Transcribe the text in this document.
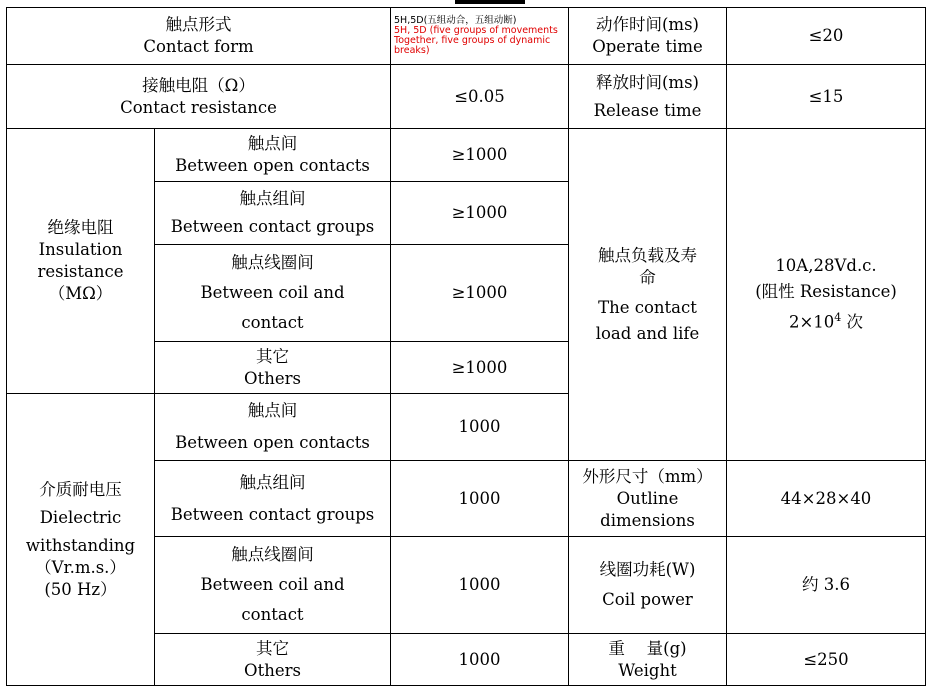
触点形式
Contact form		5H,5D(五组动合，五组动断)
5H, 5D (five groups of movements Together, five groups of dynamic breaks)	动作时间(ms)
Operate time	≤20

接触电阻（Ω）
Contact resistance		≤0.05	释放时间(ms)
Release time	≤15

绝缘电阻
Insulation
resistance
（MΩ）	触点间
Between open contacts	≥1000	触点负载及寿
命
The contact
load and life	10A,28Vd.c.
(阻性 Resistance)
$2\times 10^4$ 次

	触点组间
Between contact groups	≥1000		

	触点线圈间
Between coil and
contact	≥1000		

	其它
Others	≥1000		

介质耐电压
Dielectric
withstanding
（Vr.m.s.）
(50 Hz）	触点间
Between open contacts	1000		

	触点组间
Between contact groups	1000	外形尺寸（mm）
Outline
dimensions	44×28×40

	触点线圈间
Between coil and
contact	1000	线圈功耗(W)
Coil power	约 3.6

	其它
Others	1000	重　 量(g)
Weight	≤250
